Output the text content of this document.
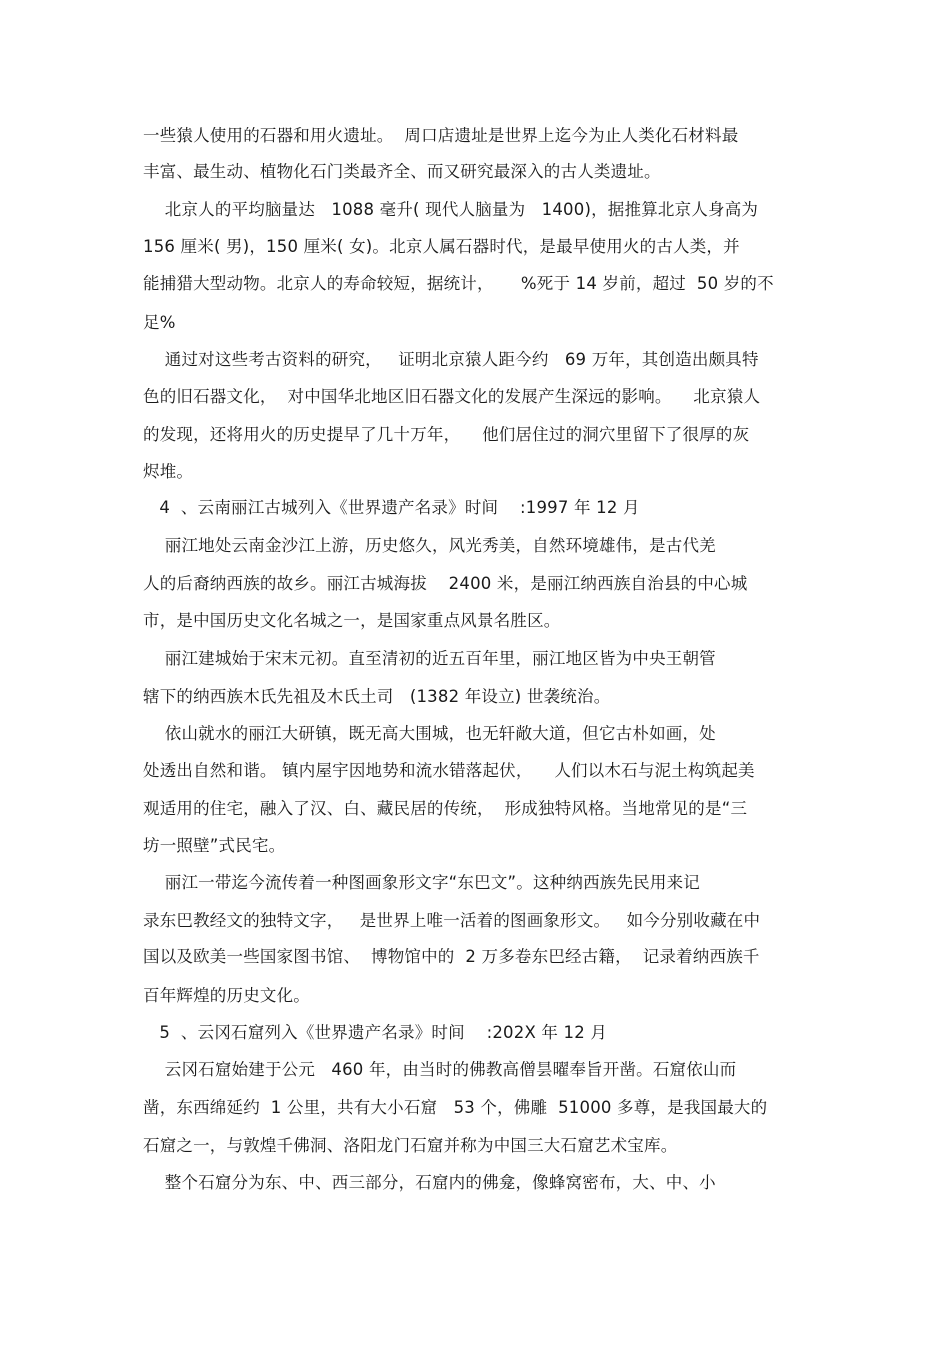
一些猿人使用的石器和用火遗址。  周口店遗址是世界上迄今为止人类化石材料最
丰富、最生动、植物化石门类最齐全、而又研究最深入的古人类遗址。
北京人的平均脑量达   1088 毫升( 现代人脑量为   1400)，据推算北京人身高为
156 厘米( 男)，150 厘米( 女)。北京人属石器时代，是最早使用火的古人类，并
能捕猎大型动物。北京人的寿命较短，据统计，     %死于 14 岁前，超过  50 岁的不
足%
通过对这些考古资料的研究，   证明北京猿人距今约   69 万年，其创造出颇具特
色的旧石器文化，  对中国华北地区旧石器文化的发展产生深远的影响。    北京猿人
的发现，还将用火的历史提早了几十万年，    他们居住过的洞穴里留下了很厚的灰
烬堆。
4  、云南丽江古城列入《世界遗产名录》时间    :1997 年 12 月
丽江地处云南金沙江上游，历史悠久，风光秀美，自然环境雄伟，是古代羌
人的后裔纳西族的故乡。丽江古城海拔    2400 米，是丽江纳西族自治县的中心城
市，是中国历史文化名城之一，是国家重点风景名胜区。
丽江建城始于宋末元初。直至清初的近五百年里，丽江地区皆为中央王朝管
辖下的纳西族木氏先祖及木氏土司   (1382 年设立) 世袭统治。
依山就水的丽江大研镇，既无高大围城，也无轩敞大道，但它古朴如画，处
处透出自然和谐。 镇内屋宇因地势和流水错落起伏，    人们以木石与泥土构筑起美
观适用的住宅，融入了汉、白、藏民居的传统，  形成独特风格。当地常见的是“三
坊一照壁”式民宅。
丽江一带迄今流传着一种图画象形文字“东巴文”。这种纳西族先民用来记
录东巴教经文的独特文字，   是世界上唯一活着的图画象形文。   如今分别收藏在中
国以及欧美一些国家图书馆、  博物馆中的  2 万多卷东巴经古籍，  记录着纳西族千
百年辉煌的历史文化。
5  、云冈石窟列入《世界遗产名录》时间    :202X 年 12 月
云冈石窟始建于公元   460 年，由当时的佛教高僧昙曜奉旨开凿。石窟依山而
凿，东西绵延约  1 公里，共有大小石窟   53 个，佛雕  51000 多尊，是我国最大的
石窟之一，与敦煌千佛洞、洛阳龙门石窟并称为中国三大石窟艺术宝库。
整个石窟分为东、中、西三部分，石窟内的佛龛，像蜂窝密布，大、中、小
